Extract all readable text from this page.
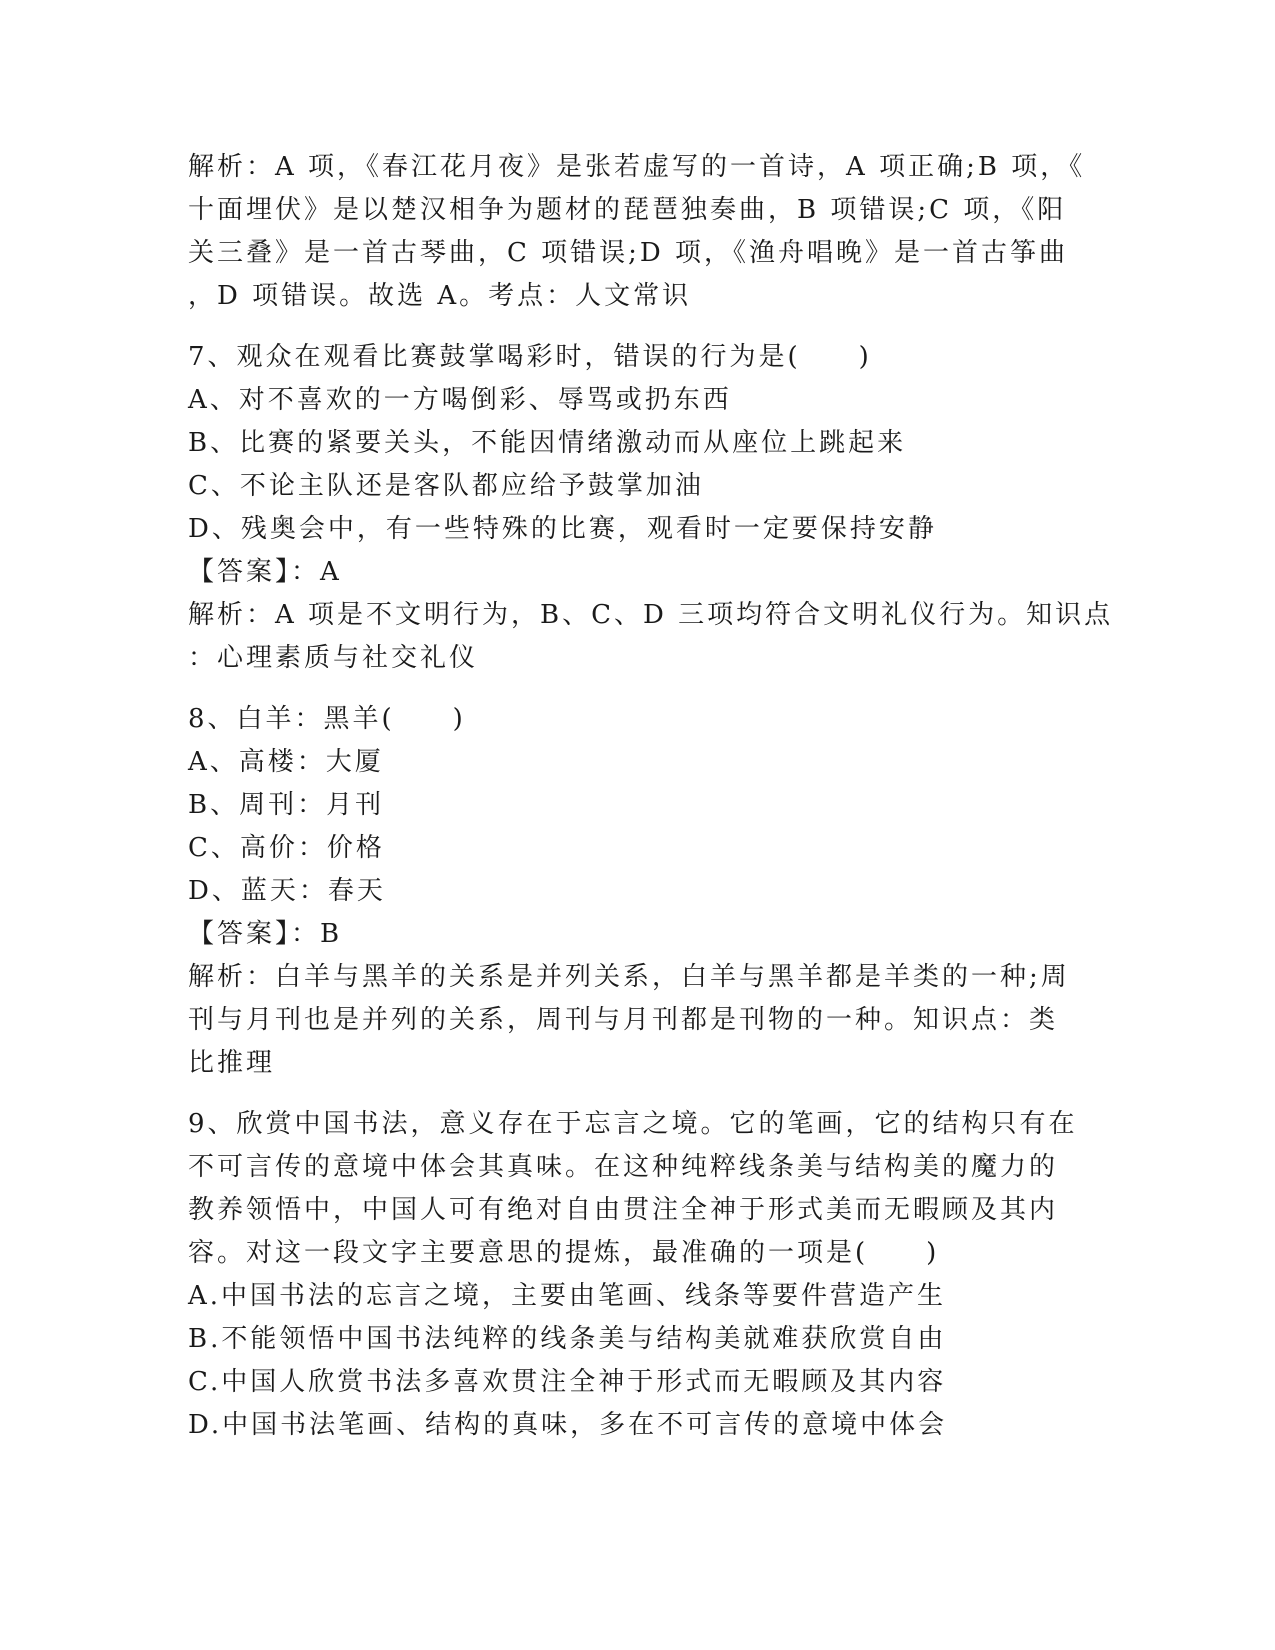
解析：A 项，《春江花月夜》是张若虚写的一首诗，A 项正确;B 项，《
十面埋伏》是以楚汉相争为题材的琵琶独奏曲，B 项错误;C 项，《阳
关三叠》是一首古琴曲，C 项错误;D 项，《渔舟唱晚》是一首古筝曲
，D 项错误。故选 A。考点：人文常识
7、观众在观看比赛鼓掌喝彩时，错误的行为是(　　)
A、对不喜欢的一方喝倒彩、辱骂或扔东西
B、比赛的紧要关头，不能因情绪激动而从座位上跳起来
C、不论主队还是客队都应给予鼓掌加油
D、残奥会中，有一些特殊的比赛，观看时一定要保持安静
【答案】：A
解析：A 项是不文明行为，B、C、D 三项均符合文明礼仪行为。知识点
：心理素质与社交礼仪
8、白羊：黑羊(　　)
A、高楼：大厦
B、周刊：月刊
C、高价：价格
D、蓝天：春天
【答案】：B
解析：白羊与黑羊的关系是并列关系，白羊与黑羊都是羊类的一种;周
刊与月刊也是并列的关系，周刊与月刊都是刊物的一种。知识点：类
比推理
9、欣赏中国书法，意义存在于忘言之境。它的笔画，它的结构只有在
不可言传的意境中体会其真味。在这种纯粹线条美与结构美的魔力的
教养领悟中，中国人可有绝对自由贯注全神于形式美而无暇顾及其内
容。对这一段文字主要意思的提炼，最准确的一项是(　　)
A.中国书法的忘言之境，主要由笔画、线条等要件营造产生
B.不能领悟中国书法纯粹的线条美与结构美就难获欣赏自由
C.中国人欣赏书法多喜欢贯注全神于形式而无暇顾及其内容
D.中国书法笔画、结构的真味，多在不可言传的意境中体会
